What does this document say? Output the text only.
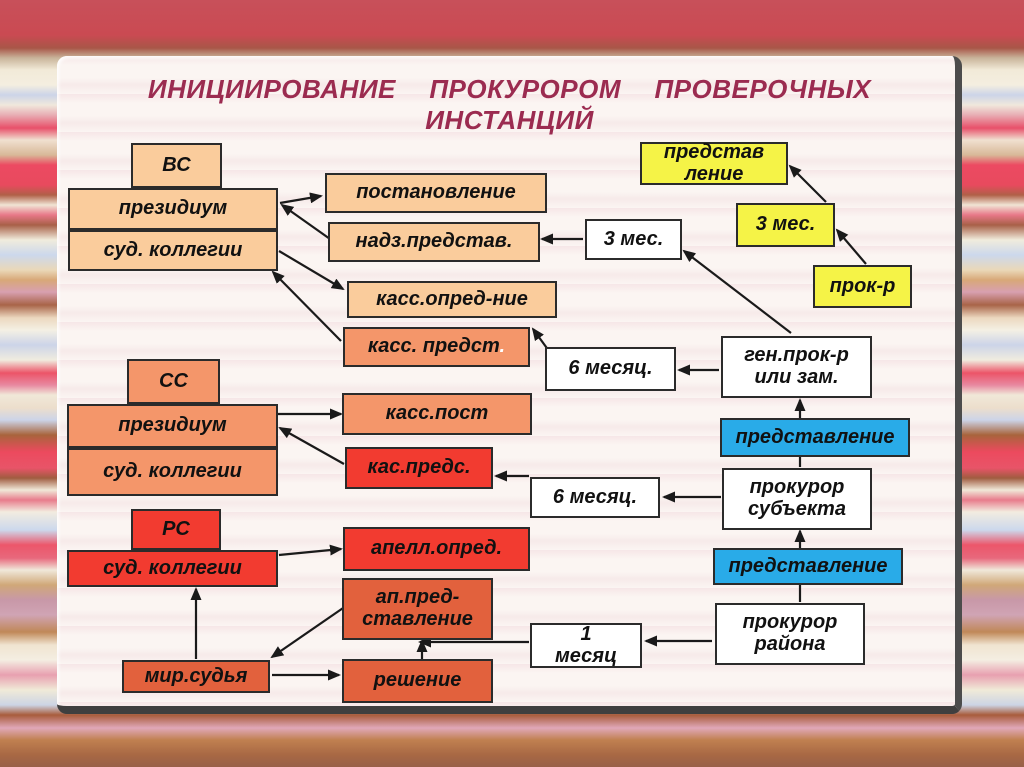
ВС
президиум
суд. коллегии
постановление
надз.представ.
касс.опред-ние
касс. предст.
СС
президиум
суд. коллегии
касс.пост
кас.предс.
РС
суд. коллегии
апелл.опред.
ап.пред-
ставление
решение
мир.судья
представ
ление
3 мес.
прок-р
3 мес.
ген.прок-р
или зам.
6 месяц.
представление
прокурор
субъекта
6 месяц.
представление
прокурор
района
1
месяц
ИНИЦИИРОВАНИЕ  ПРОКУРОРОМ  ПРОВЕРОЧНЫХ
ИНСТАНЦИЙ
